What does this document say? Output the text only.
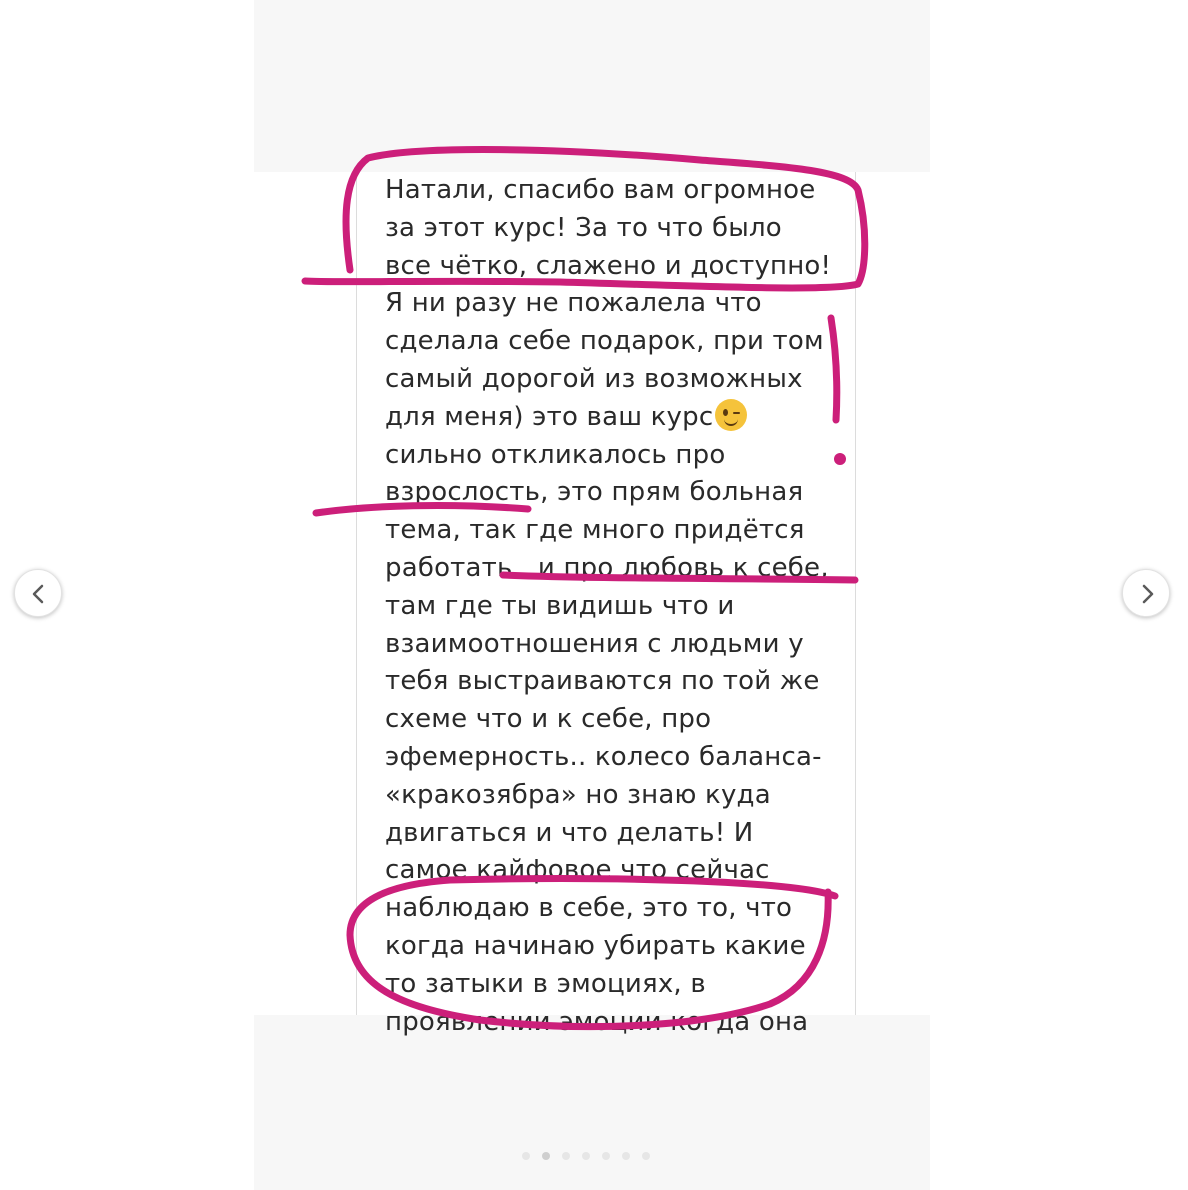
Натали, спасибо вам огромное
за этот курс! За то что было
все чётко, слажено и доступно!
Я ни разу не пожалела что
сделала себе подарок, при том
самый дорогой из возможных
для меня) это ваш курс
сильно откликалось про
взрослость, это прям больная
тема, так где много придётся
работать.. и про любовь к себе,
там где ты видишь что и
взаимоотношения с людьми у
тебя выстраиваются по той же
схеме что и к себе, про
эфемерность.. колесо баланса-
«кракозябра» но знаю куда
двигаться и что делать! И
самое кайфовое что сейчас
наблюдаю в себе, это то, что
когда начинаю убирать какие
то затыки в эмоциях, в
проявлении эмоции когда она
